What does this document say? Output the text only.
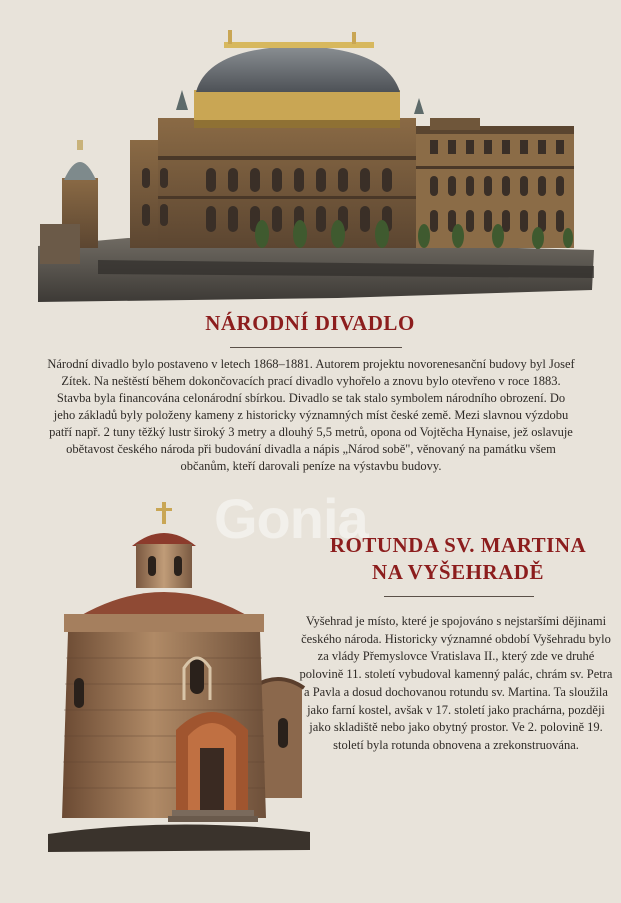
NÁRODNÍ DIVADLO

Národní divadlo bylo postaveno v letech 1868–1881. Autorem projektu novorenesanční budovy byl Josef Zítek. Na neštěstí během dokončovacích prací divadlo vyhořelo a znovu bylo otevřeno v roce 1883. Stavba byla financována celonárodní sbírkou. Divadlo se tak stalo symbolem národního obrození. Do jeho základů byly položeny kameny z historicky významných míst české země. Mezi slavnou výzdobu patří např. 2 tuny těžký lustr široký 3 metry a dlouhý 5,5 metrů, opona od Vojtěcha Hynaise, jež oslavuje obětavost českého národa při budování divadla a nápis „Národ sobě", věnovaný na památku všem občanům, kteří darovali peníze na výstavbu budovy.

ROTUNDA SV. MARTINA
NA VYŠEHRADĚ

Vyšehrad je místo, které je spojováno s nejstaršími dějinami českého národa. Historicky významné období Vyšehradu bylo za vlády Přemyslovce Vratislava II., který zde ve druhé polovině 11. století vybudoval kamenný palác, chrám sv. Petra a Pavla a dosud dochovanou rotundu sv. Martina. Ta sloužila jako farní kostel, avšak v 17. století jako prachárna, později jako skladiště nebo jako obytný prostor. Ve 2. polovině 19. století byla rotunda obnovena a zrekonstruována.

Gonia
